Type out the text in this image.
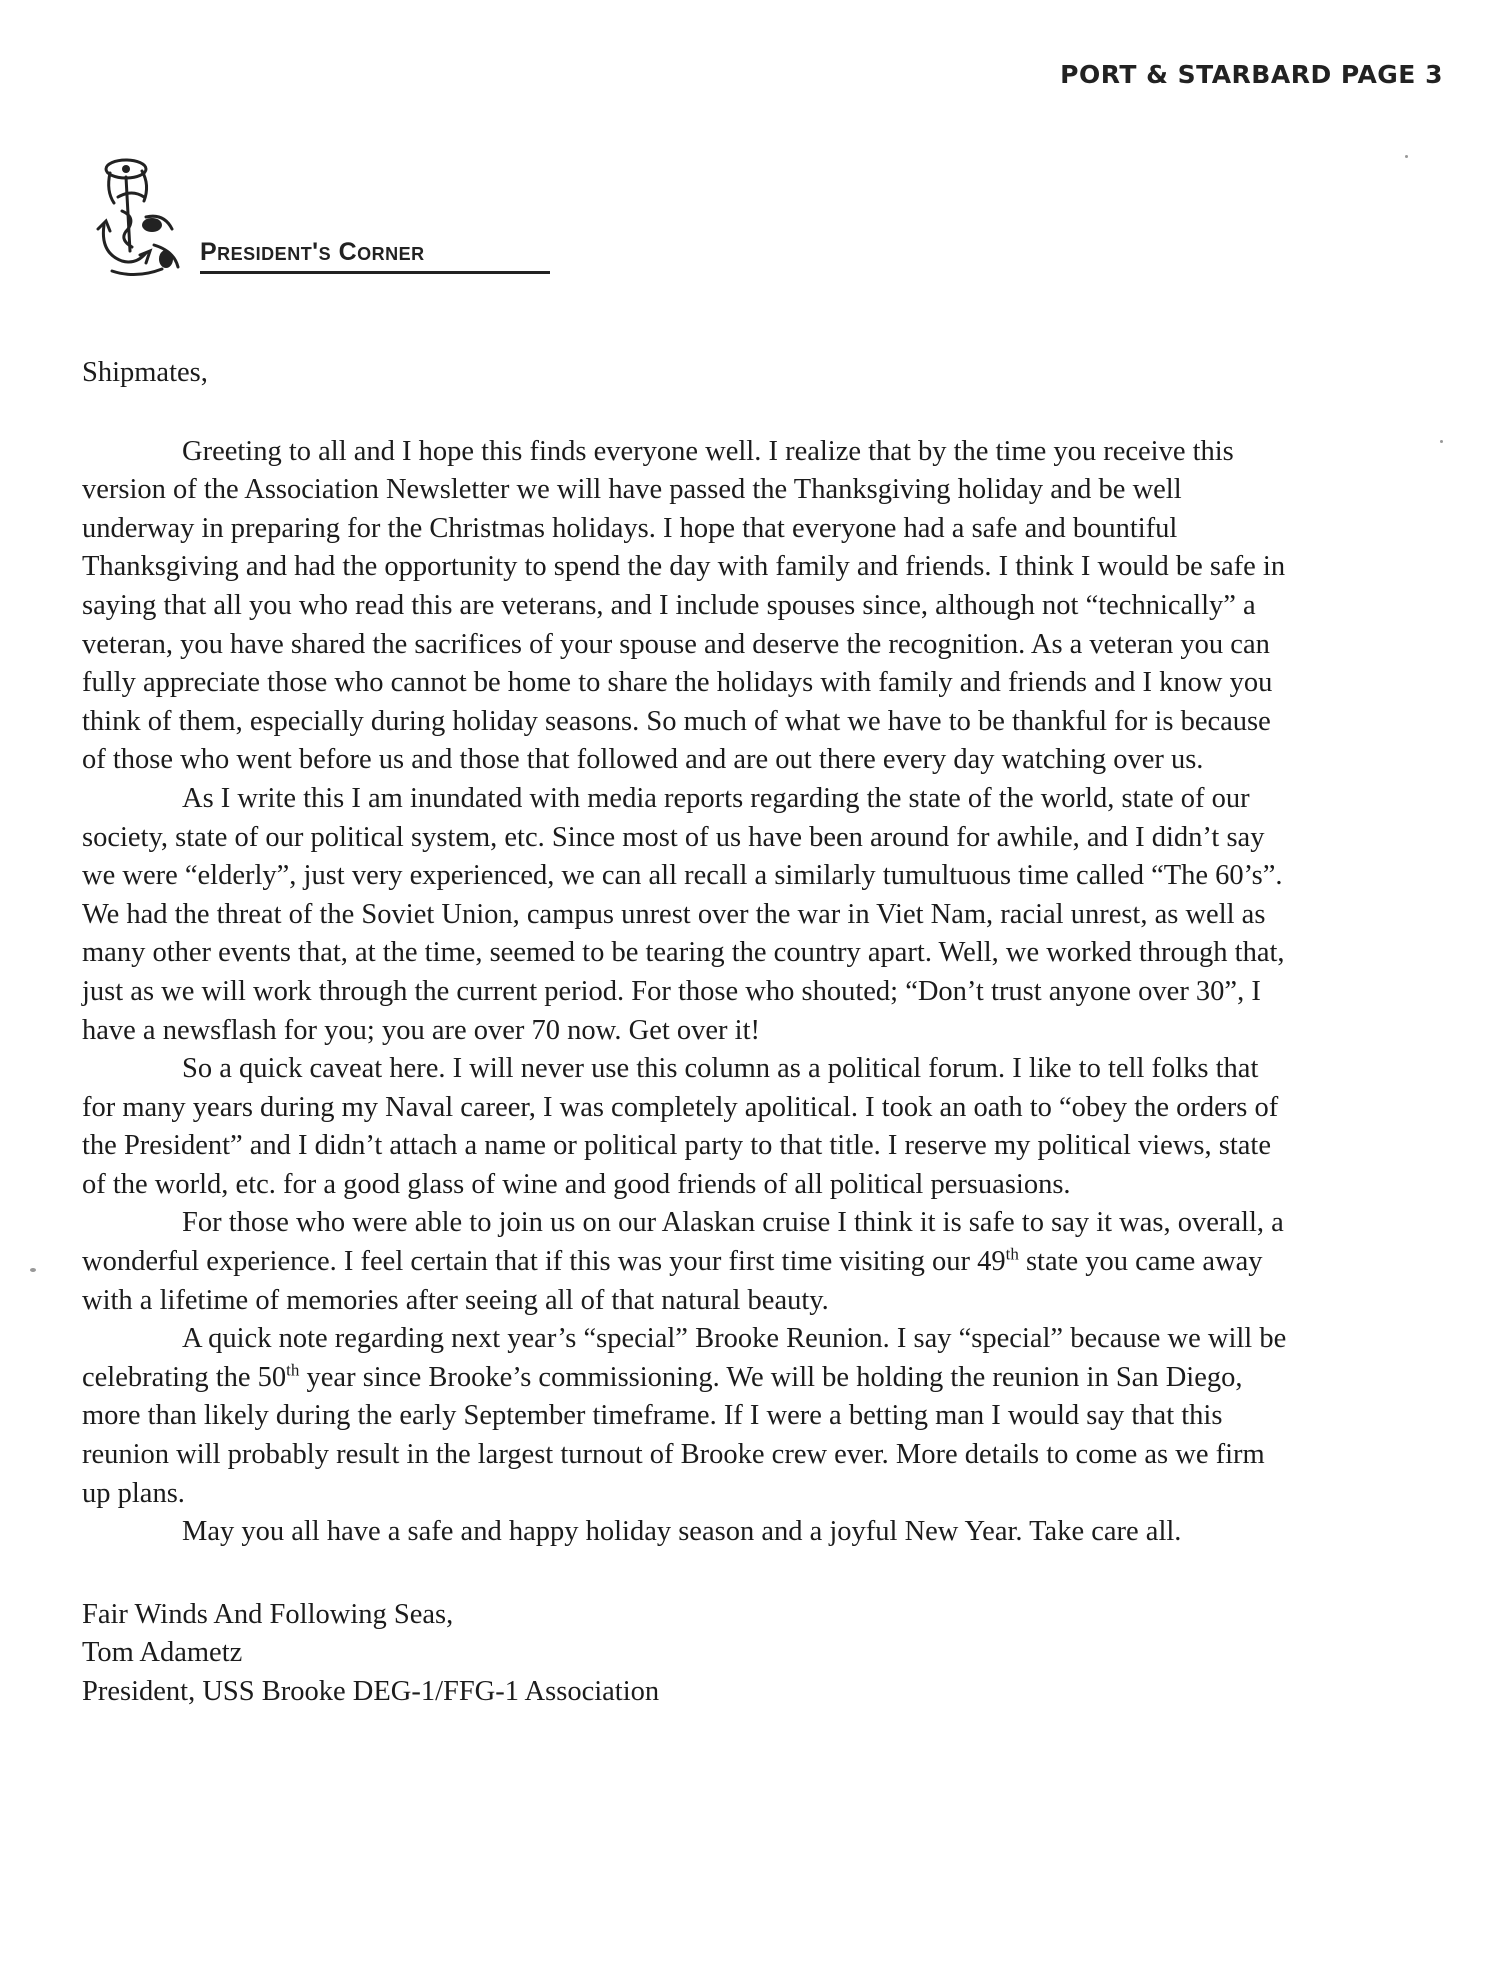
PORT & STARBARD PAGE 3
President's Corner

Shipmates,

Greeting to all and I hope this finds everyone well. I realize that by the time you receive this version of the Association Newsletter we will have passed the Thanksgiving holiday and be well underway in preparing for the Christmas holidays. I hope that everyone had a safe and bountiful Thanksgiving and had the opportunity to spend the day with family and friends. I think I would be safe in saying that all you who read this are veterans, and I include spouses since, although not “technically” a veteran, you have shared the sacrifices of your spouse and deserve the recognition. As a veteran you can fully appreciate those who cannot be home to share the holidays with family and friends and I know you think of them, especially during holiday seasons. So much of what we have to be thankful for is because of those who went before us and those that followed and are out there every day watching over us.

As I write this I am inundated with media reports regarding the state of the world, state of our society, state of our political system, etc. Since most of us have been around for awhile, and I didn’t say we were “elderly”, just very experienced, we can all recall a similarly tumultuous time called “The 60’s”. We had the threat of the Soviet Union, campus unrest over the war in Viet Nam, racial unrest, as well as many other events that, at the time, seemed to be tearing the country apart. Well, we worked through that, just as we will work through the current period. For those who shouted; “Don’t trust anyone over 30”, I have a newsflash for you; you are over 70 now. Get over it!

So a quick caveat here. I will never use this column as a political forum. I like to tell folks that for many years during my Naval career, I was completely apolitical. I took an oath to “obey the orders of the President” and I didn’t attach a name or political party to that title. I reserve my political views, state of the world, etc. for a good glass of wine and good friends of all political persuasions.

For those who were able to join us on our Alaskan cruise I think it is safe to say it was, overall, a wonderful experience. I feel certain that if this was your first time visiting our 49th state you came away with a lifetime of memories after seeing all of that natural beauty.

A quick note regarding next year’s “special” Brooke Reunion. I say “special” because we will be celebrating the 50th year since Brooke’s commissioning. We will be holding the reunion in San Diego, more than likely during the early September timeframe. If I were a betting man I would say that this reunion will probably result in the largest turnout of Brooke crew ever. More details to come as we firm up plans.

May you all have a safe and happy holiday season and a joyful New Year. Take care all.

Fair Winds And Following Seas,
Tom Adametz
President, USS Brooke DEG-1/FFG-1 Association
